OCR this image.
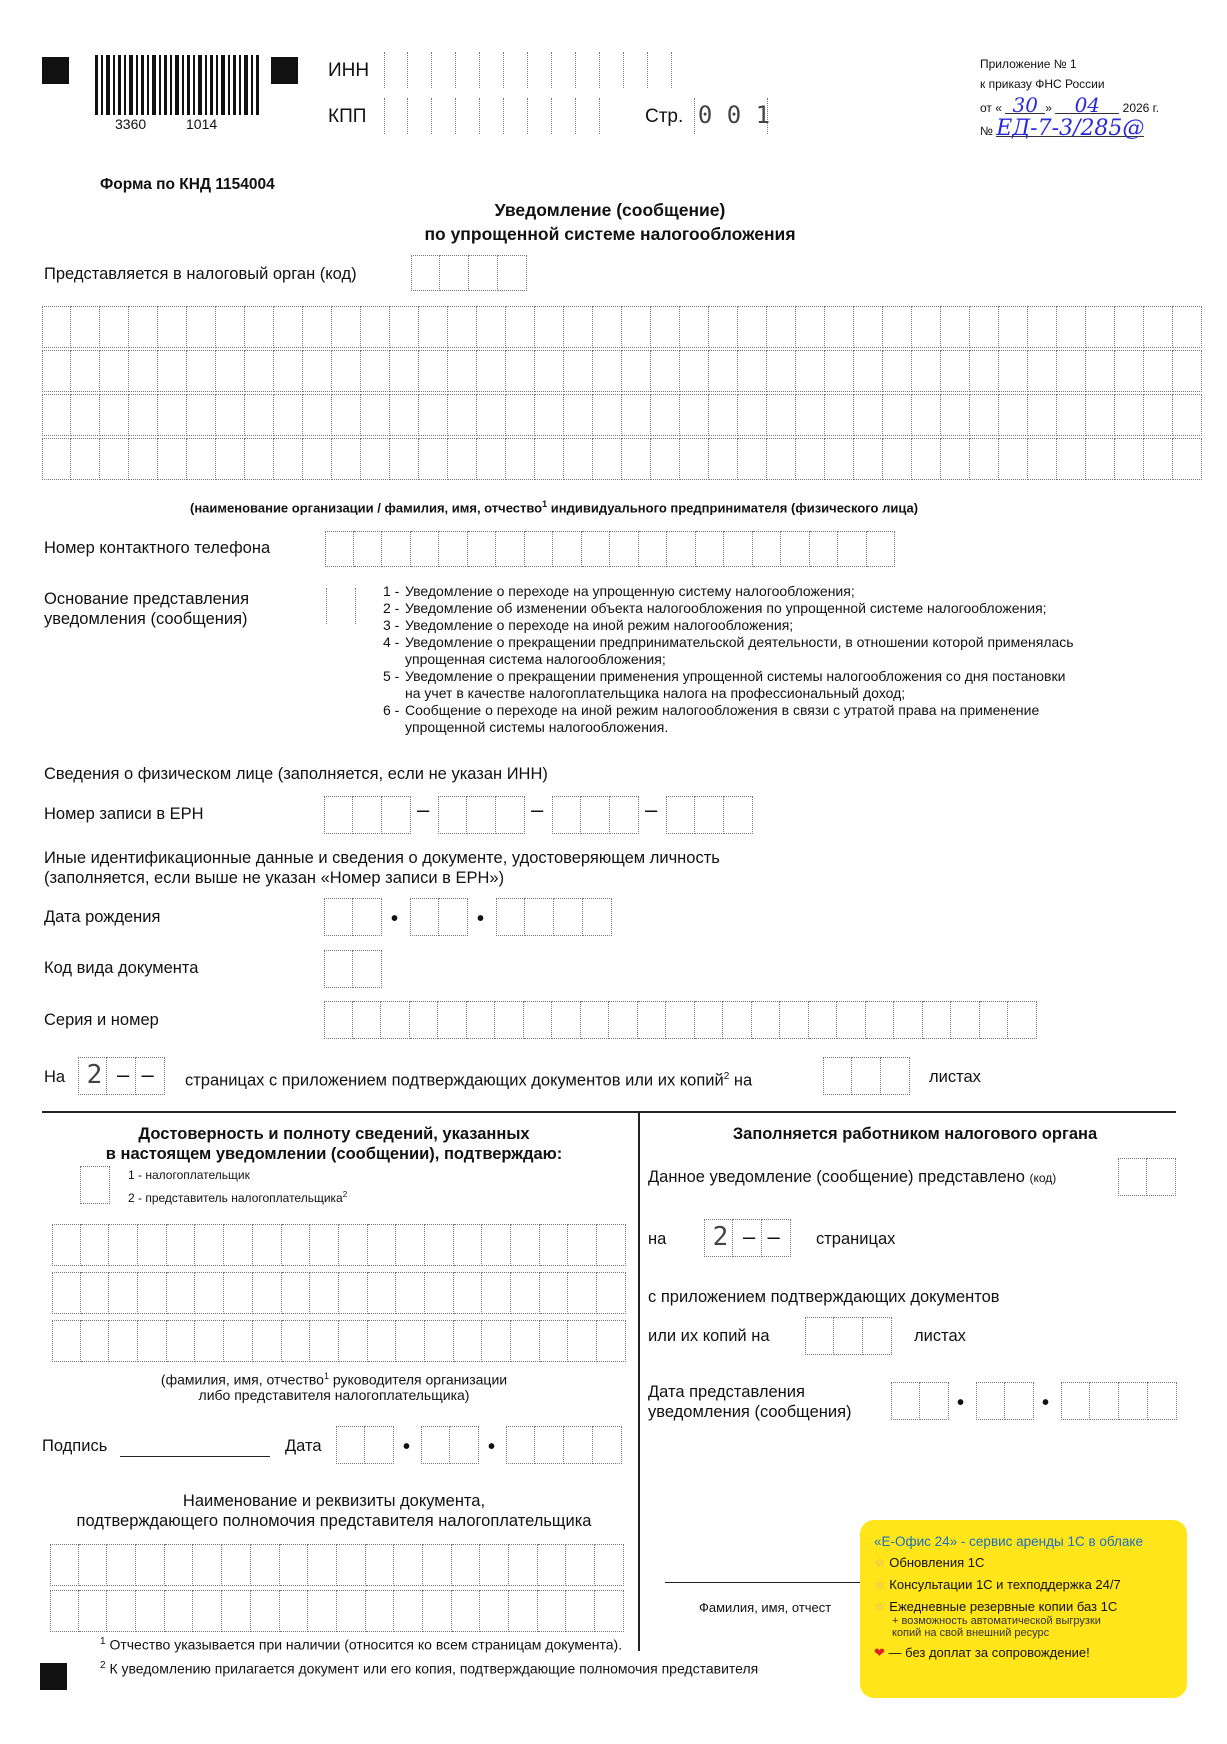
3360	1014
ИНН
КПП	Стр. 0 0 1
Приложение № 1
к приказу ФНС России
от « 30 » 04 2026 г.
№ ЕД-7-3/285@
Форма по КНД 1154004
Уведомление (сообщение)
по упрощенной системе налогообложения
Представляется в налоговый орган (код)
(наименование организации / фамилия, имя, отчество$^1$ индивидуального предпринимателя (физического лица)
Номер контактного телефона
Основание представления
уведомления (сообщения)

1 - Уведомление о переходе на упрощенную систему налогообложения;

2 - Уведомление об изменении объекта налогообложения по упрощенной системе налогообложения;

3 - Уведомление о переходе на иной режим налогообложения;

4 - Уведомление о прекращении предпринимательской деятельности, в отношении которой применялась

упрощенная система налогообложения;

5 - Уведомление о прекращении применения упрощенной системы налогообложения со дня постановки

на учет в качестве налогоплательщика налога на профессиональный доход;

6 - Сообщение о переходе на иной режим налогообложения в связи с утратой права на применение

упрощенной системы налогообложения.

Сведения о физическом лице (заполняется, если не указан ИНН)
Номер записи в ЕРН	–	–	–
Иные идентификационные данные и сведения о документе, удостоверяющем личность
(заполняется, если выше не указан «Номер записи в ЕРН»)
Дата рождения	•	•
Код вида документа
Серия и номер
На 2 –  – страницах с приложением подтверждающих документов или их копий$^2$ на	листах
Достоверность и полноту сведений, указанных
в настоящем уведомлении (сообщении), подтверждаю:
1 - налогоплательщик
2 - представитель налогоплательщика$^2$
(фамилия, имя, отчество$^1$ руководителя организации
либо представителя налогоплательщика)
Подпись	Дата	•	•
Наименование и реквизиты документа,
подтверждающего полномочия представителя налогоплательщика
Заполняется работником налогового органа
Данное уведомление (сообщение) представлено (код)
на 2 –  – страницах
с приложением подтверждающих документов
или их копий на	листах
Дата представления
уведомления (сообщения)	•	•
Фамилия, имя, отчест
$^1$ Отчество указывается при наличии (относится ко всем страницам документа).
$^2$ К уведомлению прилагается документ или его копия, подтверждающие полномочия представителя
«Е-Офис 24» - сервис аренды 1С в облаке
★ Обновления 1С
★ Консультации 1С и техподдержка 24/7
★ Ежедневные резервные копии баз 1С
+ возможность автоматической выгрузки
копий на свой внешний ресурс
❤ — без доплат за сопровождение!
